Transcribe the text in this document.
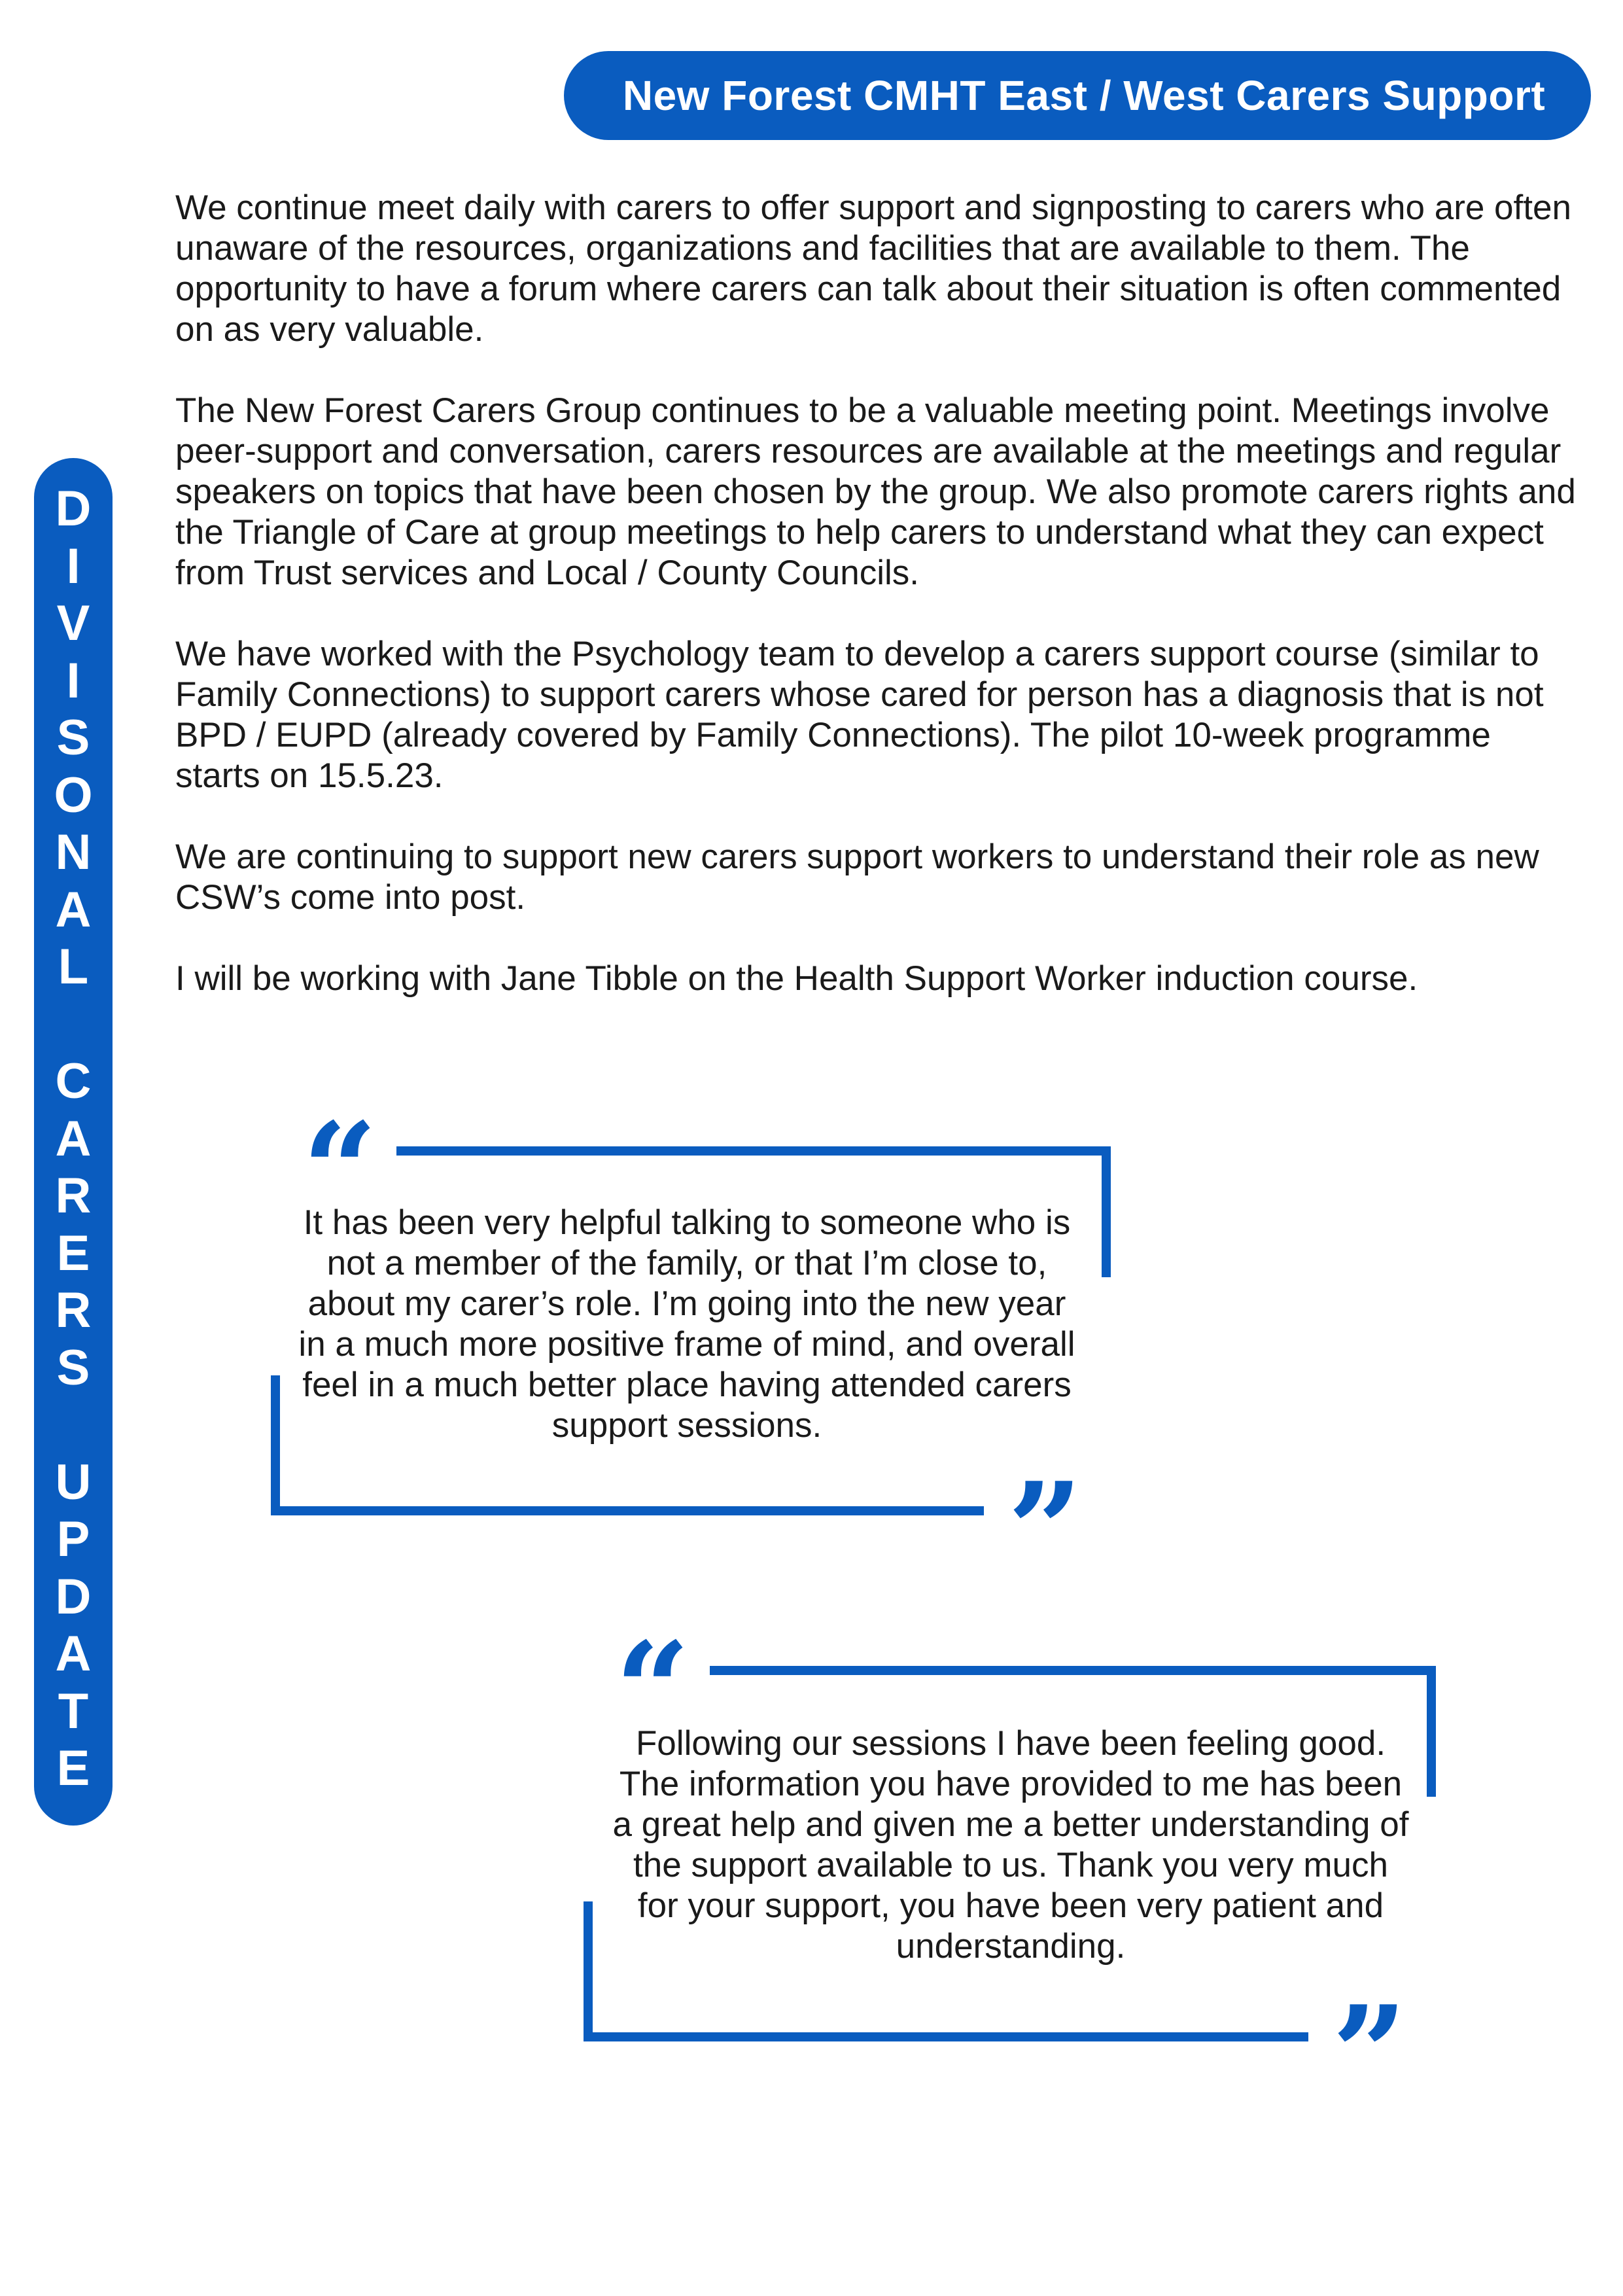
New Forest CMHT East / West Carers Support
D
I
V
I
S
O
N
A
L
C
A
R
E
R
S
U
P
D
A
T
E

We continue meet daily with carers to offer support and signposting to carers who are often unaware of the resources, organizations and facilities that are available to them. The opportunity to have a forum where carers can talk about their situation is often commented on as very valuable.

The New Forest Carers Group continues to be a valuable meeting point. Meetings involve peer-support and conversation, carers resources are available at the meetings and regular speakers on topics that have been chosen by the group. We also promote carers rights and the Triangle of Care at group meetings to help carers to understand what they can expect from Trust services and Local / County Councils.

We have worked with the Psychology team to develop a carers support course (similar to Family Connections) to support carers whose cared for person has a diagnosis that is not BPD / EUPD (already covered by Family Connections). The pilot 10-week programme starts on 15.5.23.

We are continuing to support new carers support workers to understand their role as new CSW’s come into post.

I will be working with Jane Tibble on the Health Support Worker induction course.

“
”
It has been very helpful talking to someone who is not a member of the family, or that I’m close to, about my carer’s role. I’m going into the new year in a much more positive frame of mind, and overall feel in a much better place having attended carers support sessions.
“
”
Following our sessions I have been feeling good. The information you have provided to me has been a great help and given me a better understanding of the support available to us. Thank you very much for your support, you have been very patient and understanding.
